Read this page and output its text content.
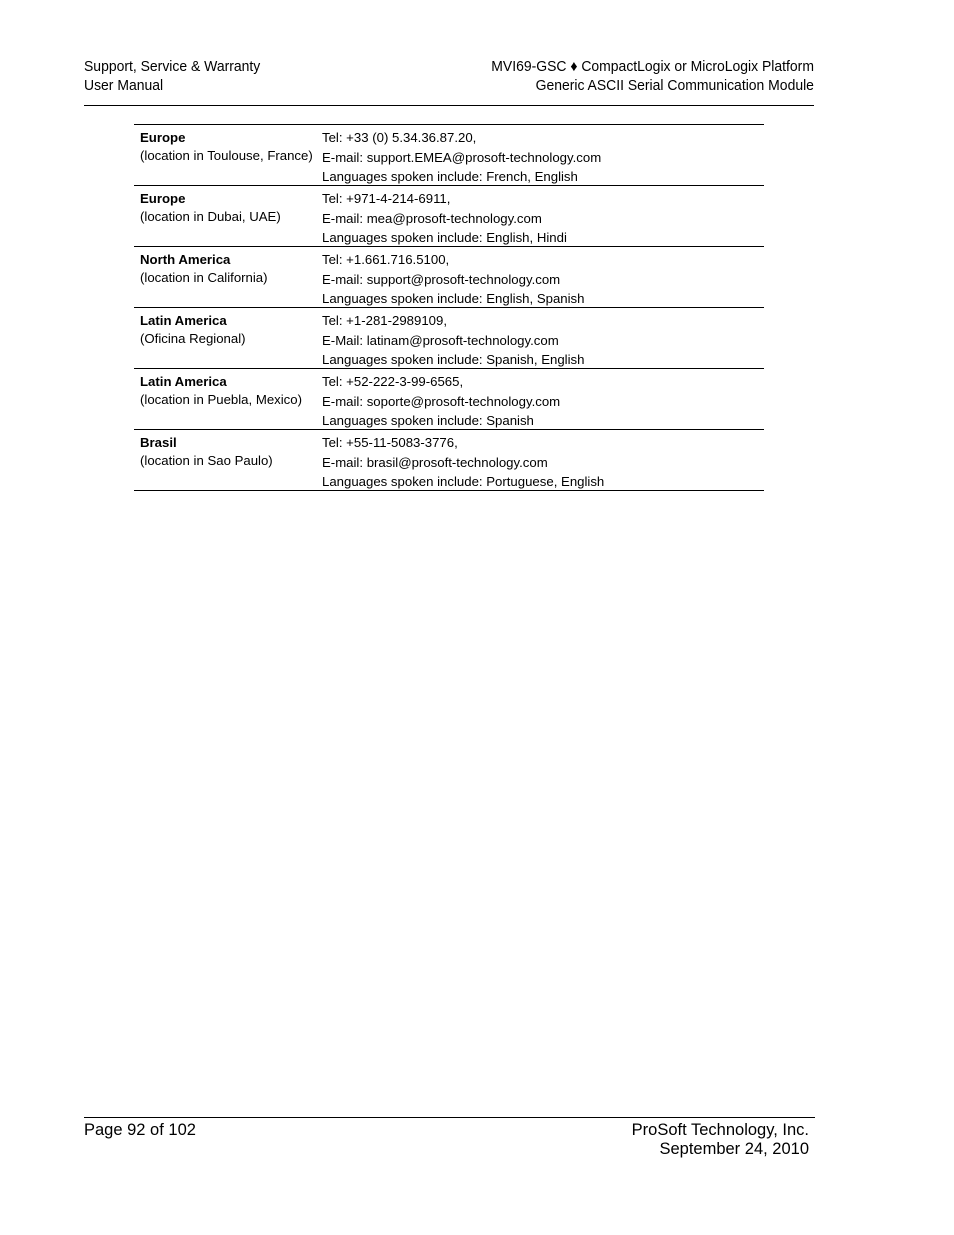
Support, Service & Warranty
User Manual
MVI69-GSC ♦ CompactLogix or MicroLogix Platform
Generic ASCII Serial Communication Module
Europe
(location in Toulouse, France)
Tel: +33 (0) 5.34.36.87.20,
E-mail: support.EMEA@prosoft-technology.com
Languages spoken include: French, English
Europe
(location in Dubai, UAE)
Tel: +971-4-214-6911,
E-mail: mea@prosoft-technology.com
Languages spoken include: English, Hindi
North America
(location in California)
Tel: +1.661.716.5100,
E-mail: support@prosoft-technology.com
Languages spoken include: English, Spanish
Latin America
(Oficina Regional)
Tel: +1-281-2989109,
E-Mail: latinam@prosoft-technology.com
Languages spoken include: Spanish, English
Latin America
(location in Puebla, Mexico)
Tel: +52-222-3-99-6565,
E-mail: soporte@prosoft-technology.com
Languages spoken include: Spanish
Brasil
(location in Sao Paulo)
Tel: +55-11-5083-3776,
E-mail: brasil@prosoft-technology.com
Languages spoken include: Portuguese, English
Page 92 of 102	ProSoft Technology, Inc.
September 24, 2010
